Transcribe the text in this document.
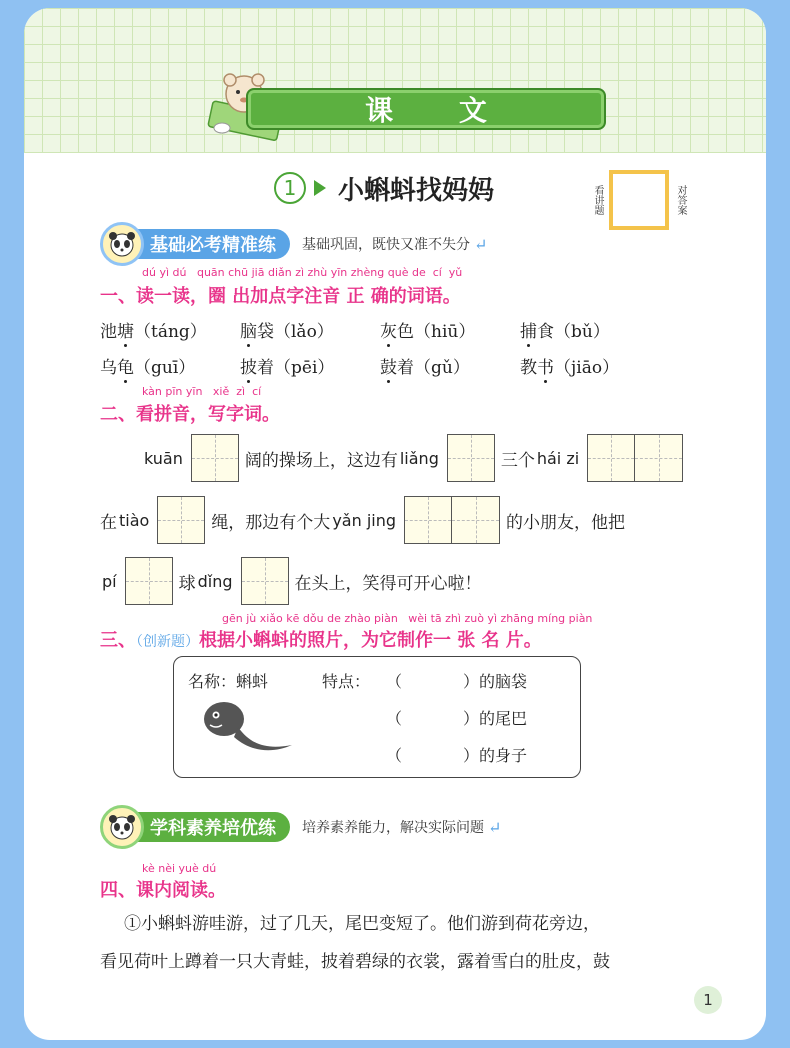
课 文
1	小蝌蚪找妈妈	看讲题	对答案
基础必考精准练	基础巩固，既快又准不失分 ↵
dú yì dú   quān chū jiā diǎn zì zhù yīn zhèng què de  cí  yǔ
一、读一读，圈 出加点字注音 正 确的词语。
池塘（táng）	脑袋（lǎo）	灰色（hiū）	捕食（bǔ）
乌龟（guī）	披着（pēi）	鼓着（gǔ）	教书（jiāo）
kàn pīn yīn   xiě  zì  cí
二、看拼音，写字词。
kuān	阔的操场上，这边有 liǎng	三个 hái zi
在 tiào	绳，那边有个大 yǎn jing	的小朋友，他把
pí	球 dǐng	在头上，笑得可开心啦！
gēn jù xiǎo kē dǒu de zhào piàn   wèi tā zhì zuò yì zhāng míng piàn
三、（创新题）根据小蝌蚪的照片，为它制作一 张 名 片。
名称：蝌蚪	特点： （            ）的脑袋
（            ）的尾巴
（            ）的身子
学科素养培优练	培养素养能力，解决实际问题 ↵
kè nèi yuè dú
四、课内阅读。
①小蝌蚪游哇游，过了几天，尾巴变短了。他们游到荷花旁边，
看见荷叶上蹲着一只大青蛙，披着碧绿的衣裳，露着雪白的肚皮，鼓
1
